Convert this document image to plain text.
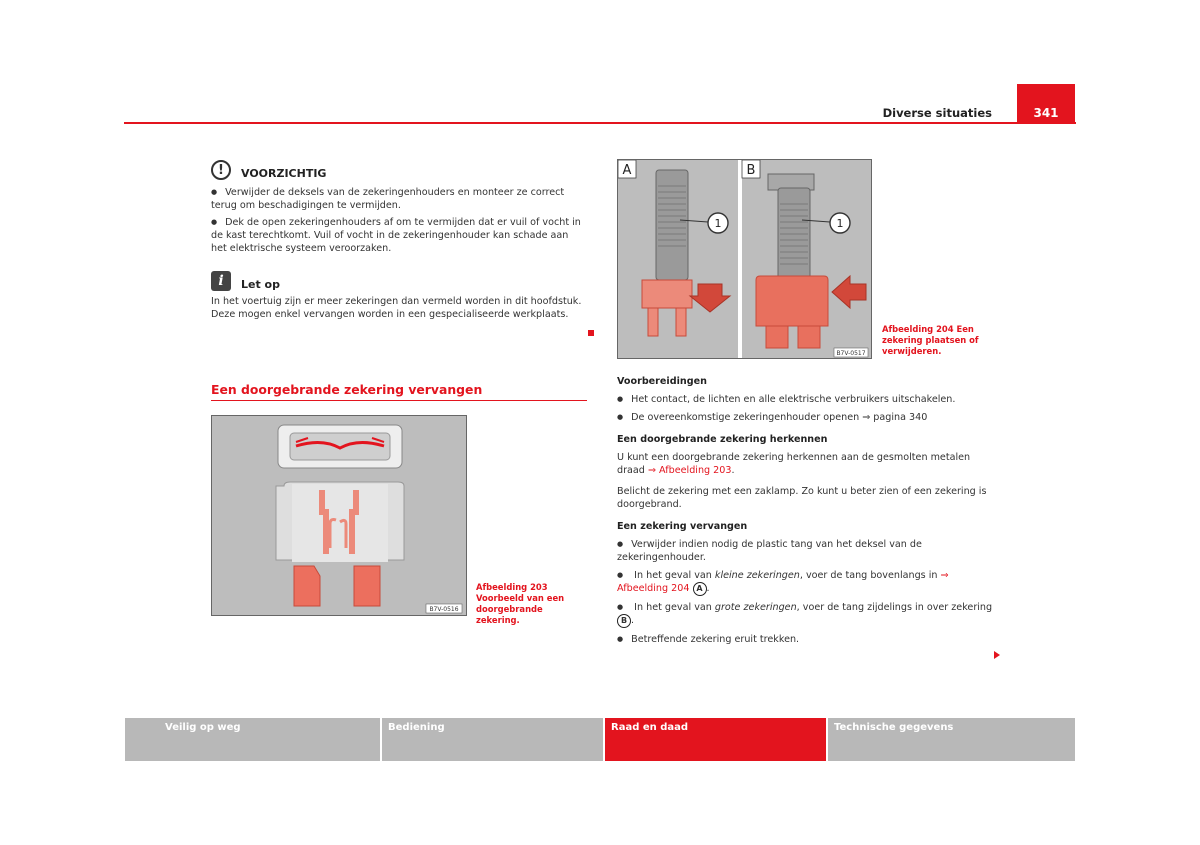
Diverse situaties	341
!	VOORZICHTIG

● Verwijder de deksels van de zekeringenhouders en monteer ze correct terug om beschadigingen te vermijden.

● Dek de open zekeringenhouders af om te vermijden dat er vuil of vocht in de kast terechtkomt. Vuil of vocht in de zekeringenhouder kan schade aan het elektrische systeem veroorzaken.

i	Let op
In het voertuig zijn er meer zekeringen dan vermeld worden in dit hoofdstuk. Deze mogen enkel vervangen worden in een gespecialiseerde werkplaats.
Een doorgebrande zekering vervangen
B7V-0516
Afbeelding 203 Voorbeeld van een doorgebrande zekering.
A
1
B
1
B7V-0517
Afbeelding 204 Een zekering plaatsen of verwijderen.
Voorbereidingen

● Het contact, de lichten en alle elektrische verbruikers uitschakelen.

● De overeenkomstige zekeringenhouder openen ⇒ pagina 340

Een doorgebrande zekering herkennen

U kunt een doorgebrande zekering herkennen aan de gesmolten metalen draad ⇒ Afbeelding 203.

Belicht de zekering met een zaklamp. Zo kunt u beter zien of een zekering is doorgebrand.

Een zekering vervangen

● Verwijder indien nodig de plastic tang van het deksel van de zekeringenhouder.

● In het geval van kleine zekeringen, voer de tang bovenlangs in ⇒ Afbeelding 204 A .

● In het geval van grote zekeringen, voer de tang zijdelings in over zekering B .

● Betreffende zekering eruit trekken.

Veilig op weg	Bediening	Raad en daad	Technische gegevens
